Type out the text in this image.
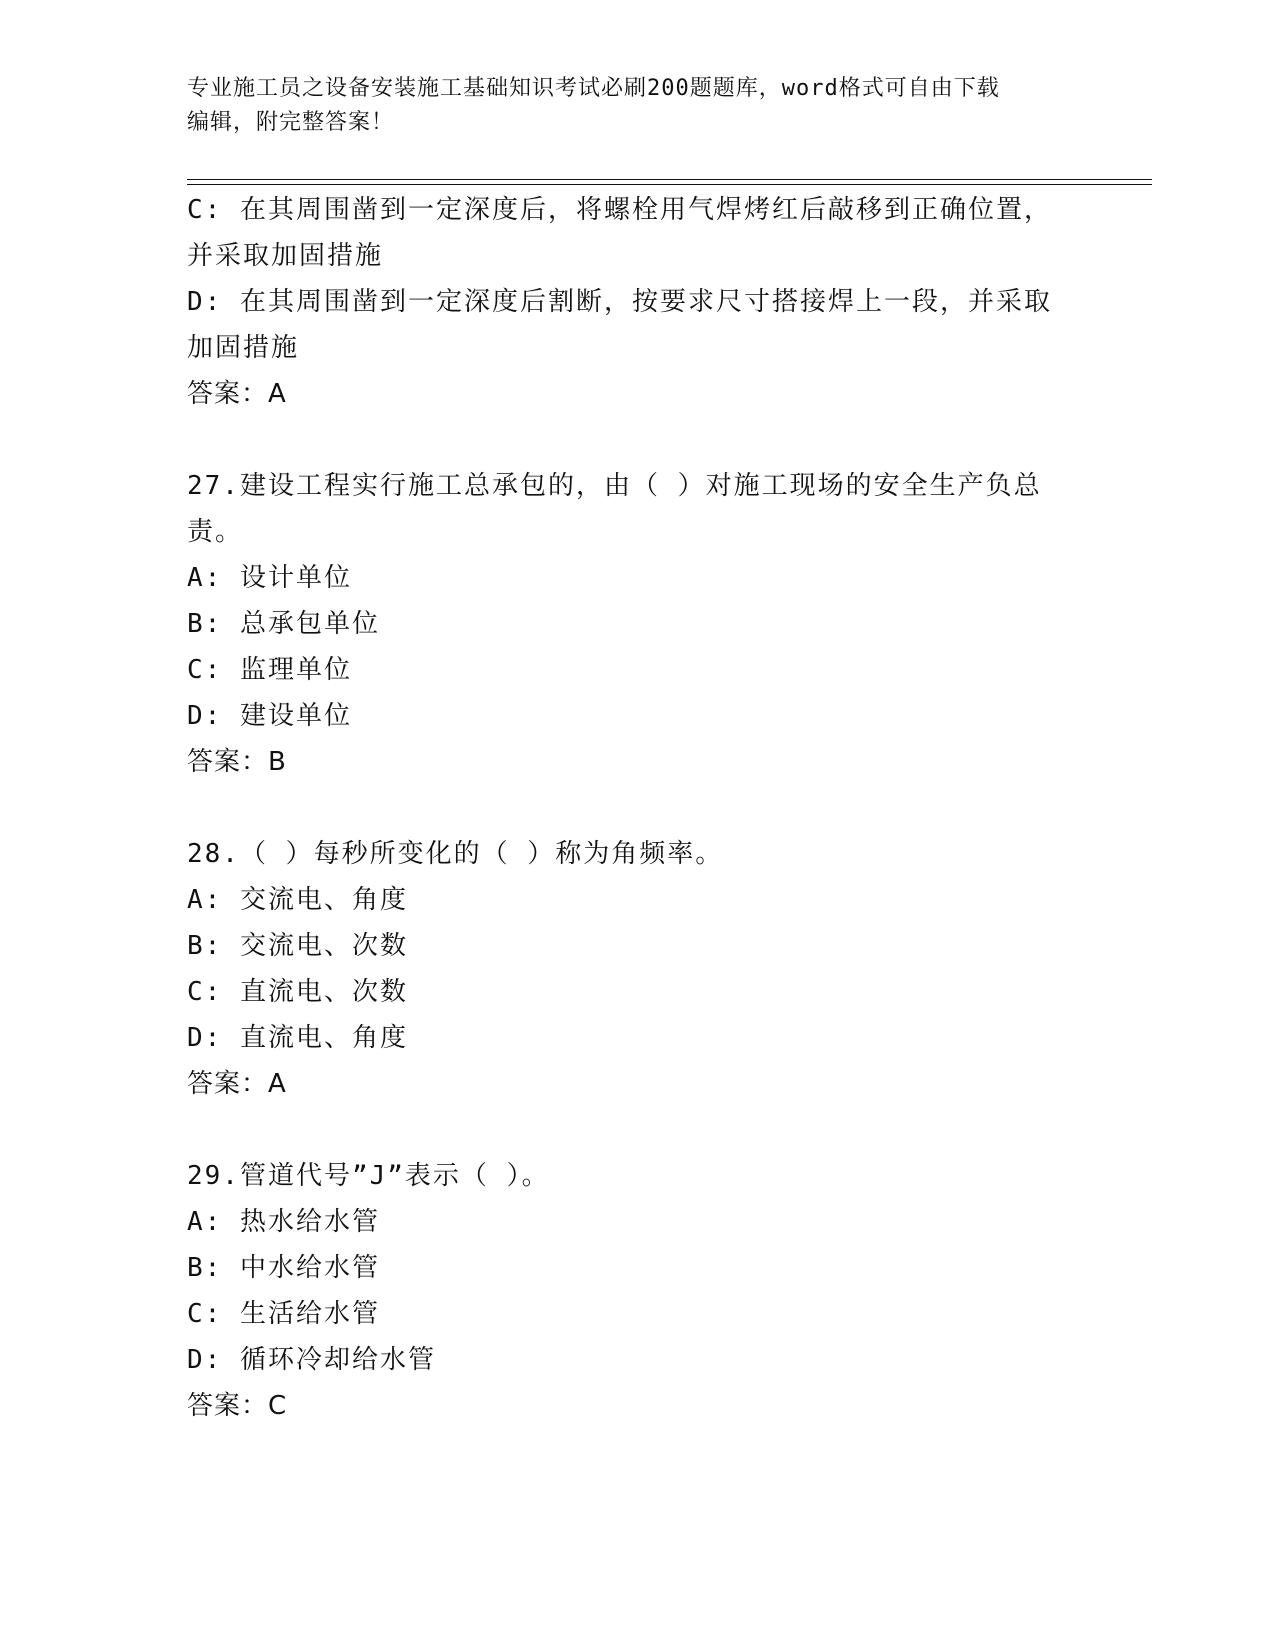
专业施工员之设备安装施工基础知识考试必刷200题题库，word格式可自由下载
编辑，附完整答案！
C: 在其周围凿到一定深度后，将螺栓用气焊烤红后敲移到正确位置，
并采取加固措施
D: 在其周围凿到一定深度后割断，按要求尺寸搭接焊上一段，并采取
加固措施
答案：A
27.建设工程实行施工总承包的，由（ ）对施工现场的安全生产负总
责。
A: 设计单位
B: 总承包单位
C: 监理单位
D: 建设单位
答案：B
28.（ ）每秒所变化的（ ）称为角频率。
A: 交流电、角度
B: 交流电、次数
C: 直流电、次数
D: 直流电、角度
答案：A
29.管道代号”J”表示（ ）。
A: 热水给水管
B: 中水给水管
C: 生活给水管
D: 循环冷却给水管
答案：C
